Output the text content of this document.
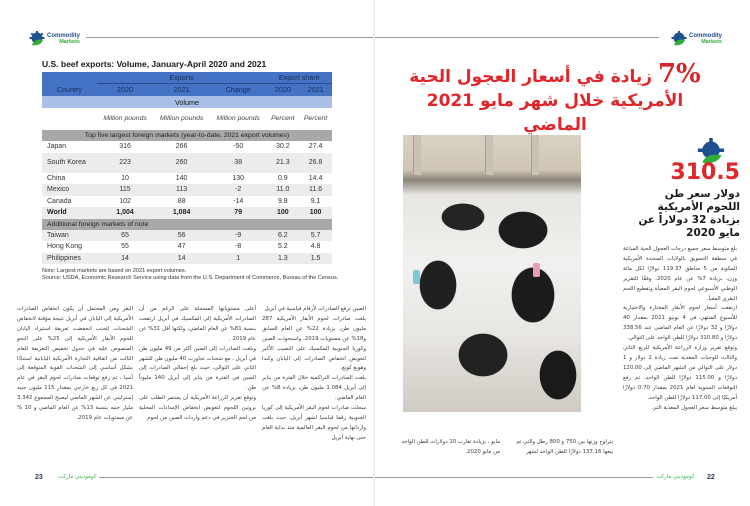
Commodity
Markets
U.S. beef exports: Volume, January-April 2020 and 2021
	Exports			Export share	
Country	2020	2021	Change	2020	2021
Volume					
	Million pounds	Million pounds	Million pounds	Percent	Percent
Top five largest foreign markets (year-to-date, 2021 export volumes)					
Japan	316	266	-50	30.2	27.4
South Korea	223	260	38	21.3	26.8
China	10	140	130	0.9	14.4
Mexico	115	113	-2	11.0	11.6
Canada	102	88	-14	9.8	9.1
World	1,004	1,084	79	100	100
Additional foreign markets of note					
Taiwan	65	56	-9	6.2	5.7
Hong Kong	55	47	-8	5.2	4.8
Philippines	14	14	1	1.3	1.5
Note: Largest markets are based on 2021 export volumes.
Source: USDA, Economic Research Service using data from the U.S. Department of Commerce, Bureau of the Census.

الصين ترفع الصادرات لأرقام قياسية في أبريل

بلغت صادرات لحوم الأبقار الأمريكية 287 مليون طن، بزيادة 22% عن العام السابق و18% عن مستويات 2019، واستحوذت الصين وكوريا الجنوبية المكسيك على النصيب الأكبر لتعويض انخفاض الصادرات إلى اليابان وكندا وهونغ كونغ.

بلغت الصادرات التراكمية خلال الفترة من يناير إلى أبريل 1.084 مليون طن، بزيادة 8% عن العام الماضي.

سجلت صادرات لحوم البقر الأمريكية إلى كوريا الجنوبية رقما قياسيا لشهر أبريل، حيث بلغت وارداتها من لحوم البقر العالمية منذ بداية العام حتى نهاية أبريل

أعلى مستوياتها المسجلة على الرغم من أن الصادرات الأمريكية إلى المكسيك في أبريل ارتفعت بنسبة 81% عن العام الماضي، ولكنها أقل 31% عن عام 2019 .

وبلغت الصادرات إلى الصين أكثر من 49 مليون طن في أبريل ، مع شحنات تجاوزت 40 مليون طن للشهر الثاني على التوالي، حيث بلغ إجمالي الصادرات إلى الصين في الفترة من يناير إلى أبريل 140 مليوناً طن.

وتوقع تقرير الزراعة الأمريكية أن يستمر الطلب على بروتين اللحوم لتعويض انخفاض الإمدادات المحلية من لحم الخنزير في دعم واردات الصين من لحوم

البقر ومن المحتمل أن يكون انخفاض الصادرات الأمريكية إلى اليابان في أبريل نتيجة مؤقتة لانخفاض الشحنات لتجنب انخفضت تعريفة استيراد اليابان للحوم الأبقار الأمريكية إلى 25% على النحو المنصوص عليه في جدول تخفيض التعريفة للعام الثالث من اتفاقية التجارة الأمريكية اليابانية استنادًا بشكل أساسي إلى الشحنات القوية المتوقعة إلى آسيا ، تم رفع توقعات صادرات لحوم البقر في عام 2021 في كل ربع خارجي بمقدار 115 مليون جنيه إسترليني عن الشهر الماضي ليصبح المجموع 3.342 مليار جنيه بنسبة 13% عن العام الماضي و 10 % عن مستويات عام 2019.

23	كوموديتي ماركت
Commodity
Markets
7% زيادة في أسعار العجول الحية
الأمريكية خلال شهر مايو 2021 الماضي
310.5
دولار سعر طن
اللحوم الأمريكية
بزيادة 32 دولاراً عن
مايو 2020

بلغ متوسط سعر جميع درجات العجول الحية المباعة في منطقة التسويق بالولايات المتحدة الأمريكية المكونة من 5 مناطق 119.37 دولارًا لكل مائة وزن، بزيادة 7% عن عام 2020، وفقًا للتقرير الوطني الأسبوعي لحوم البقر المعبأة وتقطيع اللحم البقري المعبأ.

ارتفعت أسعار لحوم الأبقار المختارة والاختيارية للأسبوع المنتهي في 4 يونيو 2021 بمقدار 40 دولارًا و 32 دولارًا عن العام الماضي عند 338.56 دولارًا و 310.80 دولارًا للطن الواحد على التوالي.

وتوقع تقرير وزارة الزراعة الأمريكية للربع الثاني والثالث للوجبات المغذية تمت زيادة 2 دولار و 1 دولار على التوالي من الشهر الماضي إلى 120.00 دولارًا و 115.00 دولارًا للطن الواحد، تم رفع التوقعات السنوية لعام 2021 بمقدار 0.70 دولارًا أمريكيًا إلى 117.00 دولارًا للطن الواحد.

يبلغ متوسط سعر العجول المغذية التي

يتراوح وزنها بين 750 و 800 رطل والتي تم بيعها 137.16 دولارًا للطن الواحد لشهر
مايو ، بزيادة تقارب 10 دولارات للطن الواحد من مايو 2020.
كوموديتي ماركت 22
